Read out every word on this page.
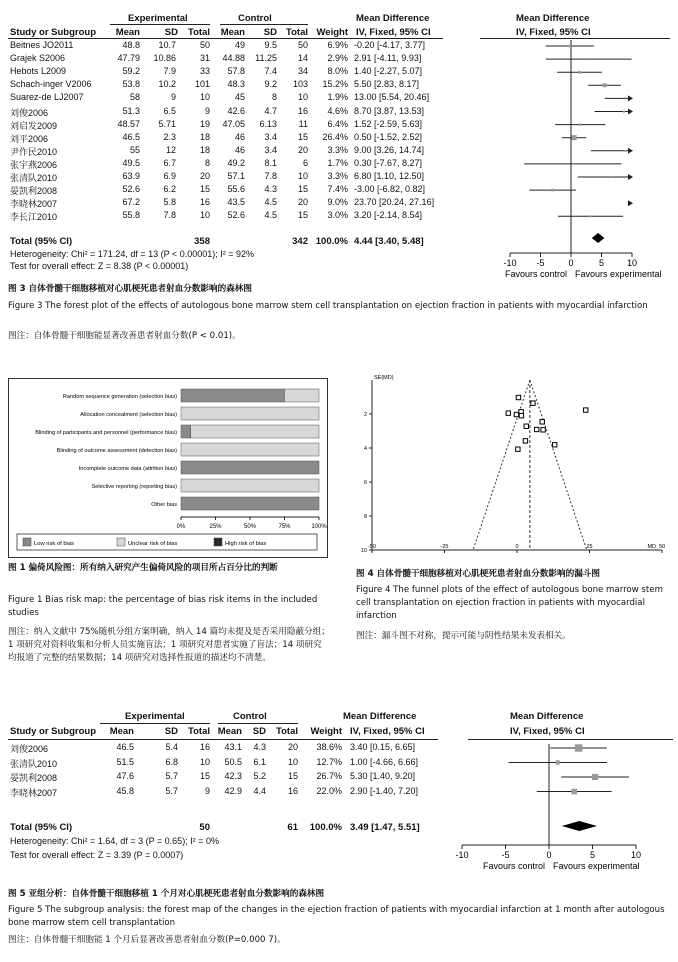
Experimental	Control	Mean Difference	Mean Difference
Study or Subgroup	Mean	SD	Total	Mean	SD Total Weight IV, Fixed, 95% CI	IV, Fixed, 95% CI
Beitnes JO2011	48.8	10.7	50	49	9.5	50	6.9% -0.20 [-4.17, 3.77]
Grajek S2006	47.79	10.86	31	44.88	11.25	14	2.9% 2.91 [-4.11, 9.93]
Hebots L2009	59.2	7.9	33	57.8	7.4	34	8.0% 1.40 [-2.27, 5.07]
Schach-inger V2006	53.8	10.2	101	48.3	9.2	103	15.2% 5.50 [2.83, 8.17]
Suarez-de LJ2007	58	9	10	45	8	10	1.9% 13.00 [5.54, 20.46]
刘俊2006	51.3	6.5	9	42.6	4.7	16	4.6% 8.70 [3.87, 13.53]
刘启发2009	48.57	5.71	19	47.05	6.13	11	6.4% 1.52 [-2.59, 5.63]
刘平2006	46.5	2.3	18	46	3.4	15	26.4% 0.50 [-1.52, 2.52]
尹作民2010	55	12	18	46	3.4	20	3.3% 9.00 [3.26, 14.74]
张宇燕2006	49.5	6.7	8	49.2	8.1	6	1.7% 0.30 [-7.67, 8.27]
张清队2010	63.9	6.9	20	57.1	7.8	10	3.3% 6.80 [1.10, 12.50]
晏凯利2008	52.6	6.2	15	55.6	4.3	15	7.4% -3.00 [-6.82, 0.82]
李晓林2007	67.2	5.8	16	43.5	4.5	20	9.0% 23.70 [20.24, 27.16]
李长江2010	55.8	7.8	10	52.6	4.5	15	3.0% 3.20 [-2.14, 8.54]
Total (95% CI)	358	342 100.0% 4.44 [3.40, 5.48]
Heterogeneity: Chi² = 171.24, df = 13 (P < 0.00001); I² = 92%
Test for overall effect: Z = 8.38 (P < 0.00001)	-10 -5	0	5	10
Favours control Favours experimental
图 3 自体骨髓干细胞移植对心肌梗死患者射血分数影响的森林图
Figure 3 The forest plot of the effects of autologous bone marrow stem cell transplantation on ejection fraction in patients with myocardial infarction
图注：自体骨髓干细胞能显著改善患者射血分数(P < 0.01)。
Random sequence generation (selection bias)
Allocation concealment (selection bias)
Blinding of participants and personnel (performance bias)
Blinding of outcome assessment (detection bias)
Incomplete outcome data (attrition bias)
Selective reporting (reporting bias)
Other bias
0%	25%	50%	75%	100%
Low risk of bias	Unclear risk of bias	High risk of bias
图 1 偏倚风险图：所有纳入研究产生偏倚风险的项目所占百分比的判断
Figure 1 Bias risk map: the percentage of bias risk items in the included studies
图注：纳入文献中 75%随机分组方案明确，纳入 14 篇均未提及是否采用隐蔽分组；1 项研究对资料收集和分析人员实施盲法；1 项研究对患者实施了盲法；14 项研究均报道了完整的结果数据；14 项研究对选择性报道的描述均不清楚。
SE(MD)
2
4
6
8
10
-50	-25	0	25	50
MD
图 4 自体骨髓干细胞移植对心肌梗死患者射血分数影响的漏斗图
Figure 4 The funnel plots of the effect of autologous bone marrow stem cell transplantation on ejection fraction in patients with myocardial infarction
图注：漏斗图不对称，提示可能与阴性结果未发表相关。
Experimental	Control	Mean Difference	Mean Difference
Study or Subgroup	Mean	SD	Total Mean	SD	Total	Weight IV, Fixed, 95% CI	IV, Fixed, 95% CI
刘俊2006	46.5	5.4	16	43.1	4.3	20	38.6% 3.40 [0.15, 6.65]
张清队2010	51.5	6.8	10	50.5	6.1	10	12.7% 1.00 [-4.66, 6.66]
晏凯利2008	47.6	5.7	15	42.3	5.2	15	26.7% 5.30 [1.40, 9.20]
李晓林2007	45.8	5.7	9	42.9	4.4	16	22.0% 2.90 [-1.40, 7.20]
Total (95% CI)	50	61	100.0% 3.49 [1.47, 5.51]
Heterogeneity: Chi² = 1.64, df = 3 (P = 0.65); I² = 0%
Test for overall effect: Z = 3.39 (P = 0.0007)	-10	-5	0	5	10
Favours control Favours experimental
图 5 亚组分析：自体骨髓干细胞移植 1 个月对心肌梗死患者射血分数影响的森林图
Figure 5 The subgroup analysis: the forest map of the changes in the ejection fraction of patients with myocardial infarction at 1 month after autologous bone marrow stem cell transplantation
图注：自体骨髓干细胞能 1 个月后显著改善患者射血分数(P=0.000 7)。
